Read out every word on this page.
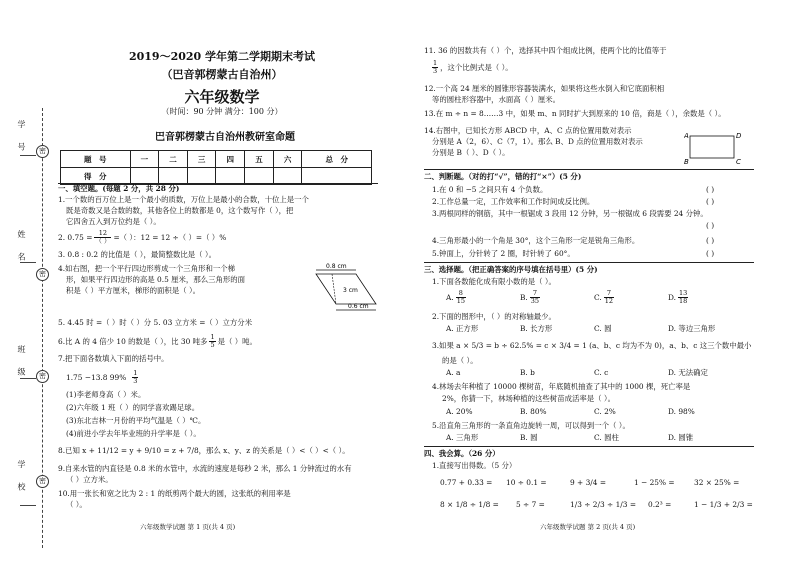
学 号
姓 名
班 级
学 校
密
密
密
密
2019～2020 学年第二学期期末考试
（巴音郭楞蒙古自治州）
六年级数学
（时间：90 分钟 满分：100 分）
巴音郭楞蒙古自治州教研室命题
题　号	一	二	三	四	五	六	总　分
得　分							
一、填空题。(每题 2 分，共 28 分)
1.一个数的百万位上是一个最小的质数，万位上是最小的合数，十位上是一个
既是奇数又是合数的数，其他各位上的数都是 0，这个数写作（ ），把
它四舍五入到万位约是（ ）。
2. $0.75 = \frac{12}{( )}$ =（ ）：12 = 12 ÷（ ）=（ ）%
3. 0.8 : 0.2 的比值是（ ），最简整数比是（ ）。
4.如右图，把一个平行四边形剪成一个三角形和一个梯
形，如果平行四边形的高是 0.5 厘米，那么三角形的面
积是（ ）平方厘米，梯形的面积是（ ）。
0.8 cm
3 cm
0.6 cm
5. 4.45 时 =（ ）时（ ）分 5. 03 立方米 =（ ）立方分米
6.比 A 的 4 倍少 10 的数是（ ），比 30 吨多 $\frac{1}{5}$ 是（ ）吨。
7.把下面各数填入下面的括号中。
1.75 −13.8 $99\% \frac{1}{3}$
(1)李老师身高（ ）米。
(2)六年级 1 班（ ）的同学喜欢踢足球。
(3)东北吉林一月份的平均气温是（ ）℃。
(4)前进小学去年毕业班的升学率是（ ）。
8.已知 x + 11/12 = y + 9/10 = z + 7/8，那么 x、y、z 的关系是（ ）<（ ）<（ ）。
9.自来水管的内直径是 0.8 米的水管中，水流的速度是每秒 2 米，那么 1 分钟流过的水有
（ ）立方米。
10.用一张长和宽之比为 2 : 1 的纸剪两个最大的圆，这张纸的利用率是
（ ）。
六年级数学试题 第 1 页(共 4 页)
11. 36 的因数共有（ ）个，选择其中四个组成比例，使两个比的比值等于
$\frac{1}{3}$ ，这个比例式是（ ）。
12.一个高 24 厘米的圆锥形容器装满水，如果将这些水倒入和它底面积相
等的圆柱形容器中，水面高（ ）厘米。
13.在 m ÷ n = 8……3 中，如果 m、n 同时扩大到原来的 10 倍，商是（ ），余数是（ ）。
14.右图中，已知长方形 ABCD 中，A、C 点的位置用数对表示
分别是 A（2，6）、C（7，1）。那么 B、D 点的位置用数对表示
分别是 B（ ）、D（ ）。
A	D
B	C
二、判断题。（对的打“√”，错的打“×”）(5 分)
1.在 0 和 −5 之间只有 4 个负数。	( )
2.工作总量一定，工作效率和工作时间成反比例。	( )
3.两根同样的钢筋，其中一根锯成 3 段用 12 分钟，另一根锯成 6 段需要 24 分钟。
( )
4.三角形最小的一个角是 30°，这个三角形一定是锐角三角形。	( )
5.钟面上，分针转了 2 圈，时针转了 60°。	( )
三、选择题。（把正确答案的序号填在括号里）(5 分)
1.下面各数能化成有限小数的是（ ）。
A. $\frac{8}{15}$	B. $\frac{7}{35}$	C. $\frac{7}{12}$	D. $\frac{13}{18}$
2.下面的图形中，（ ）的对称轴最少。
A. 正方形	B. 长方形	C. 圆	D. 等边三角形
3.如果 a × 5/3 = b ÷ 62.5% = c × 3/4 = 1 (a、b、c 均为不为 0)，a、b、c 这三个数中最小
的是（ ）。
A. a	B. b	C. c	D. 无法确定
4.林场去年种植了 10000 棵树苗，年底随机抽查了其中的 1000 棵，死亡率是
2%，你猜一下，林场种植的这些树苗成活率是（ ）。
A. 20%	B. 80%	C. 2%	D. 98%
5.沿直角三角形的一条直角边旋转一周，可以得到一个（ ）。
A. 三角形	B. 圆	C. 圆柱	D. 圆锥
四、我会算。（26 分）
1.直接写出得数。（5 分）
0.77 + 0.33 = 10 ÷ 0.1 =	9 + 3/4 =	1 − 25% =	32 × 25% =
8 × 1/8 ÷ 1/8 = 5 ÷ 7 =	1/3 ÷ 2/3 ÷ 1/3 = 0.2³ =	1 − 1/3 + 2/3 =
六年级数学试题 第 2 页(共 4 页)
